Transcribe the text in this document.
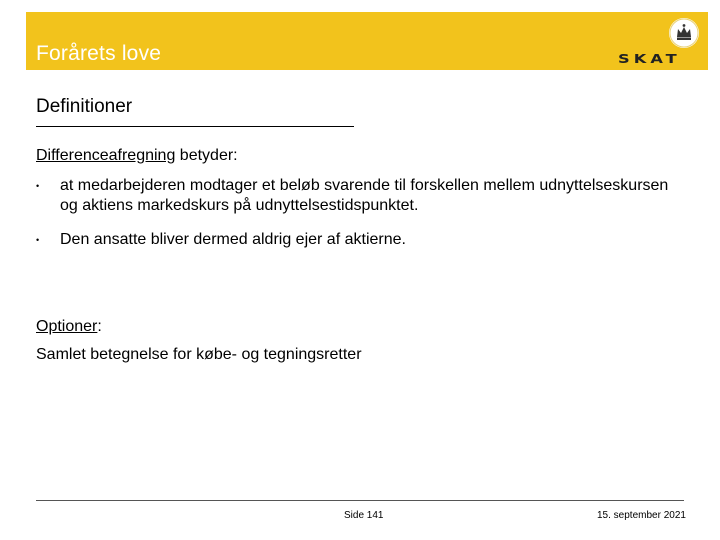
Forårets love	SKAT
Definitioner
Differenceafregning betyder:
• at medarbejderen modtager et beløb svarende til forskellen mellem udnyttelseskursen og aktiens markedskurs på udnyttelsestidspunktet.
• Den ansatte bliver dermed aldrig ejer af aktierne.
Optioner:
Samlet betegnelse for købe- og tegningsretter
Side 141	15. september 2021
